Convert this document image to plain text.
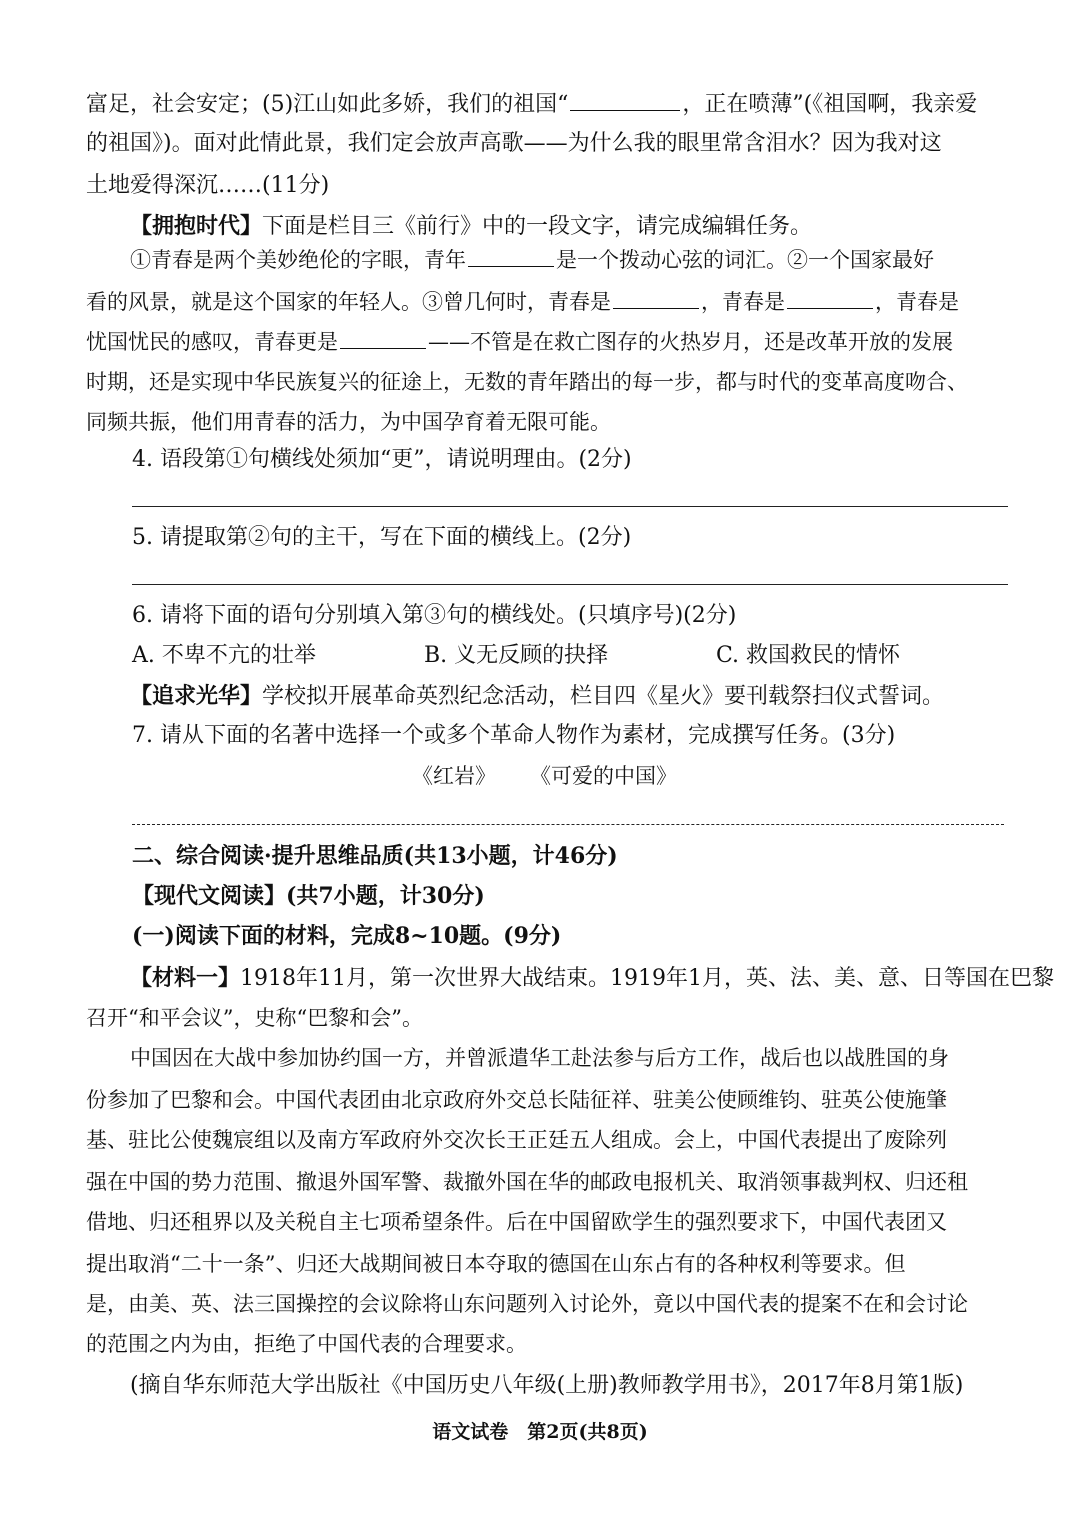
富足，社会安定；(5)江山如此多娇，我们的祖国“	，正在喷薄”(《祖国啊，我亲爱
的祖国》)。面对此情此景，我们定会放声高歌——为什么我的眼里常含泪水？因为我对这
土地爱得深沉……(11分)
【拥抱时代】下面是栏目三《前行》中的一段文字，请完成编辑任务。
①青春是两个美妙绝伦的字眼，青年	是一个拨动心弦的词汇。②一个国家最好
看的风景，就是这个国家的年轻人。③曾几何时，青春是	，青春是	，青春是
忧国忧民的感叹，青春更是	——不管是在救亡图存的火热岁月，还是改革开放的发展
时期，还是实现中华民族复兴的征途上，无数的青年踏出的每一步，都与时代的变革高度吻合、
同频共振，他们用青春的活力，为中国孕育着无限可能。
4. 语段第①句横线处须加“更”，请说明理由。(2分)
5. 请提取第②句的主干，写在下面的横线上。(2分)
6. 请将下面的语句分别填入第③句的横线处。(只填序号)(2分)
A. 不卑不亢的壮举	B. 义无反顾的抉择	C. 救国救民的情怀
【追求光华】学校拟开展革命英烈纪念活动，栏目四《星火》要刊载祭扫仪式誓词。
7. 请从下面的名著中选择一个或多个革命人物作为素材，完成撰写任务。(3分)
《红岩》 《可爱的中国》
二、综合阅读·提升思维品质(共13小题，计46分)
【现代文阅读】(共7小题，计30分)
(一)阅读下面的材料，完成8~10题。(9分)
【材料一】1918年11月，第一次世界大战结束。1919年1月，英、法、美、意、日等国在巴黎
召开“和平会议”，史称“巴黎和会”。
中国因在大战中参加协约国一方，并曾派遣华工赴法参与后方工作，战后也以战胜国的身
份参加了巴黎和会。中国代表团由北京政府外交总长陆征祥、驻美公使顾维钧、驻英公使施肇
基、驻比公使魏宸组以及南方军政府外交次长王正廷五人组成。会上，中国代表提出了废除列
强在中国的势力范围、撤退外国军警、裁撤外国在华的邮政电报机关、取消领事裁判权、归还租
借地、归还租界以及关税自主七项希望条件。后在中国留欧学生的强烈要求下，中国代表团又
提出取消“二十一条”、归还大战期间被日本夺取的德国在山东占有的各种权利等要求。但
是，由美、英、法三国操控的会议除将山东问题列入讨论外，竟以中国代表的提案不在和会讨论
的范围之内为由，拒绝了中国代表的合理要求。
(摘自华东师范大学出版社《中国历史八年级(上册)教师教学用书》，2017年8月第1版)
语文试卷　第2页(共8页)
